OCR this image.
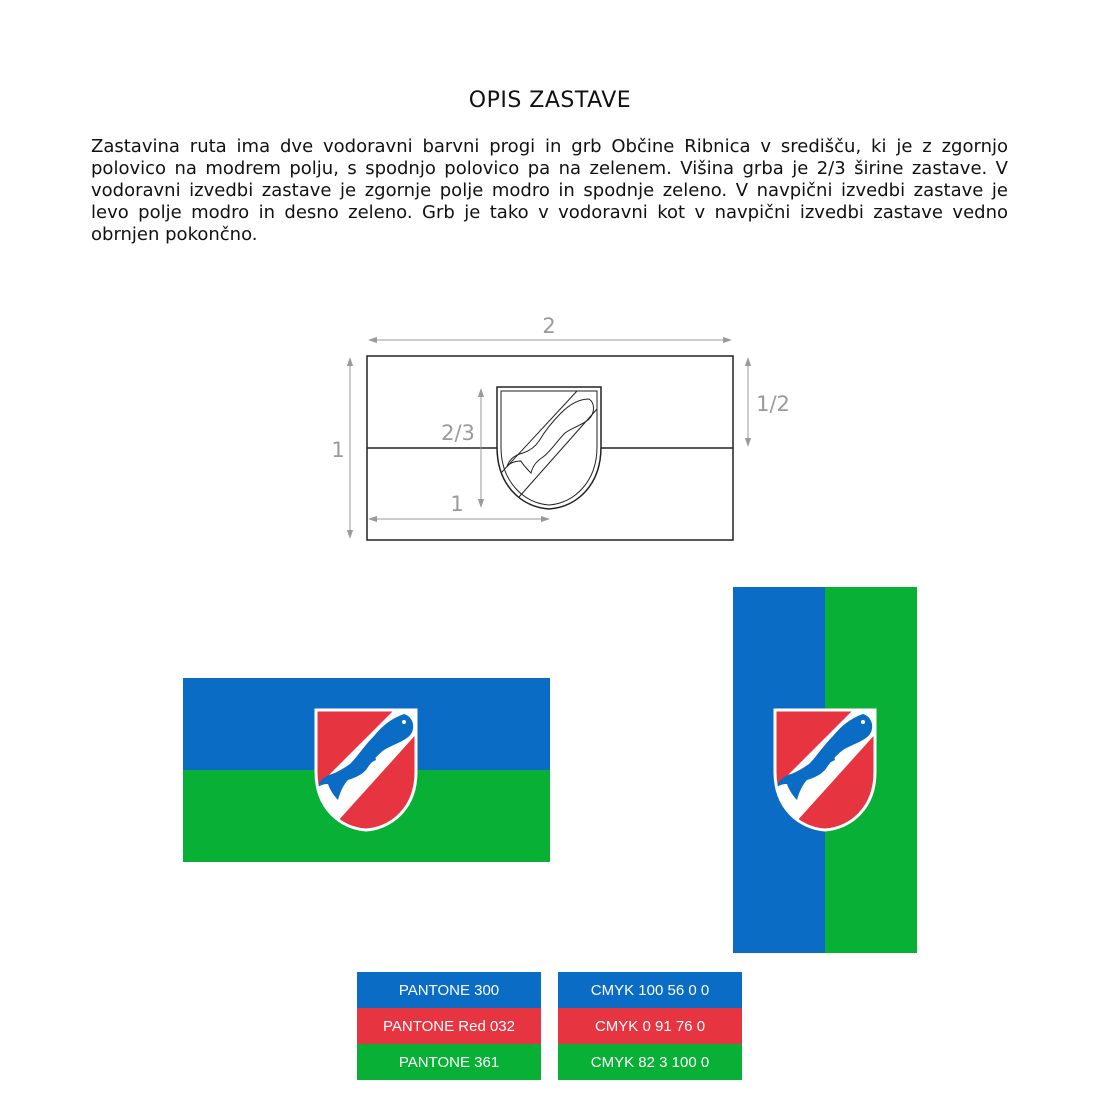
OPIS ZASTAVE

Zastavina ruta ima dve vodoravni barvni progi in grb Občine Ribnica v središču, ki je z zgornjo polovico na modrem polju, s spodnjo polovico pa na zelenem. Višina grba je 2/3 širine zastave. V vodoravni izvedbi zastave je zgornje polje modro in spodnje zeleno. V navpični izvedbi zastave je levo polje modro in desno zeleno. Grb je tako v vodoravni kot v navpični izvedbi zastave vedno obrnjen pokončno.

2
1
1/2
2/3
1
PANTONE 300
PANTONE Red 032
PANTONE 361
CMYK 100 56 0 0
CMYK 0 91 76 0
CMYK 82 3 100 0
